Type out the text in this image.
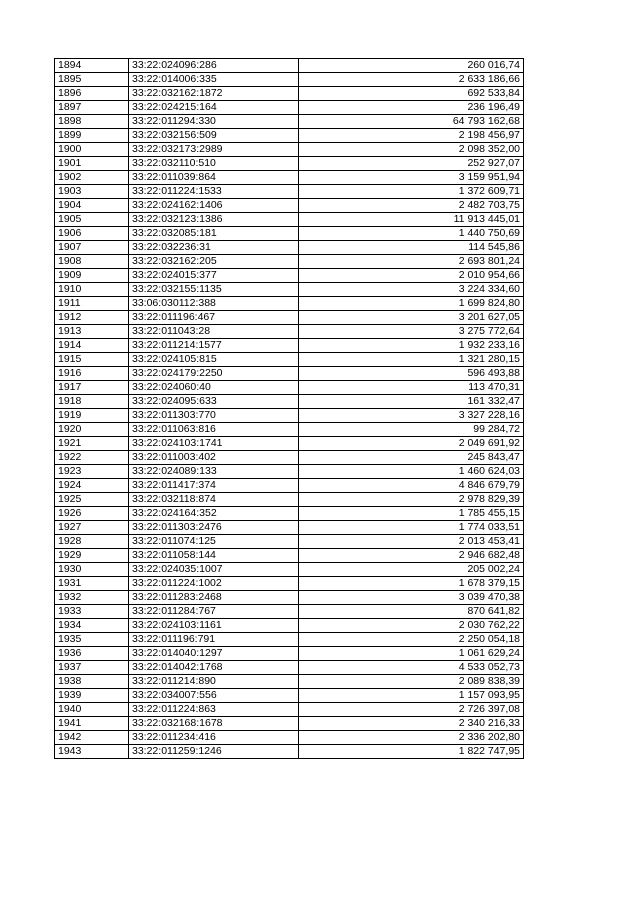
1894	33:22:024096:286	260 016,74
1895	33:22:014006:335	2 633 186,66
1896	33:22:032162:1872	692 533,84
1897	33:22:024215:164	236 196,49
1898	33:22:011294:330	64 793 162,68
1899	33:22:032156:509	2 198 456,97
1900	33:22:032173:2989	2 098 352,00
1901	33:22:032110:510	252 927,07
1902	33:22:011039:864	3 159 951,94
1903	33:22:011224:1533	1 372 609,71
1904	33:22:024162:1406	2 482 703,75
1905	33:22:032123:1386	11 913 445,01
1906	33:22:032085:181	1 440 750,69
1907	33:22:032236:31	114 545,86
1908	33:22:032162:205	2 693 801,24
1909	33:22:024015:377	2 010 954,66
1910	33:22:032155:1135	3 224 334,60
1911	33:06:030112:388	1 699 824,80
1912	33:22:011196:467	3 201 627,05
1913	33:22:011043:28	3 275 772,64
1914	33:22:011214:1577	1 932 233,16
1915	33:22:024105:815	1 321 280,15
1916	33:22:024179:2250	596 493,88
1917	33:22:024060:40	113 470,31
1918	33:22:024095:633	161 332,47
1919	33:22:011303:770	3 327 228,16
1920	33:22:011063:816	99 284,72
1921	33:22:024103:1741	2 049 691,92
1922	33:22:011003:402	245 843,47
1923	33:22:024089:133	1 460 624,03
1924	33:22:011417:374	4 846 679,79
1925	33:22:032118:874	2 978 829,39
1926	33:22:024164:352	1 785 455,15
1927	33:22:011303:2476	1 774 033,51
1928	33:22:011074:125	2 013 453,41
1929	33:22:011058:144	2 946 682,48
1930	33:22:024035:1007	205 002,24
1931	33:22:011224:1002	1 678 379,15
1932	33:22:011283:2468	3 039 470,38
1933	33:22:011284:767	870 641,82
1934	33:22:024103:1161	2 030 762,22
1935	33:22:011196:791	2 250 054,18
1936	33:22:014040:1297	1 061 629,24
1937	33:22:014042:1768	4 533 052,73
1938	33:22:011214:890	2 089 838,39
1939	33:22:034007:556	1 157 093,95
1940	33:22:011224:863	2 726 397,08
1941	33:22:032168:1678	2 340 216,33
1942	33:22:011234:416	2 336 202,80
1943	33:22:011259:1246	1 822 747,95
